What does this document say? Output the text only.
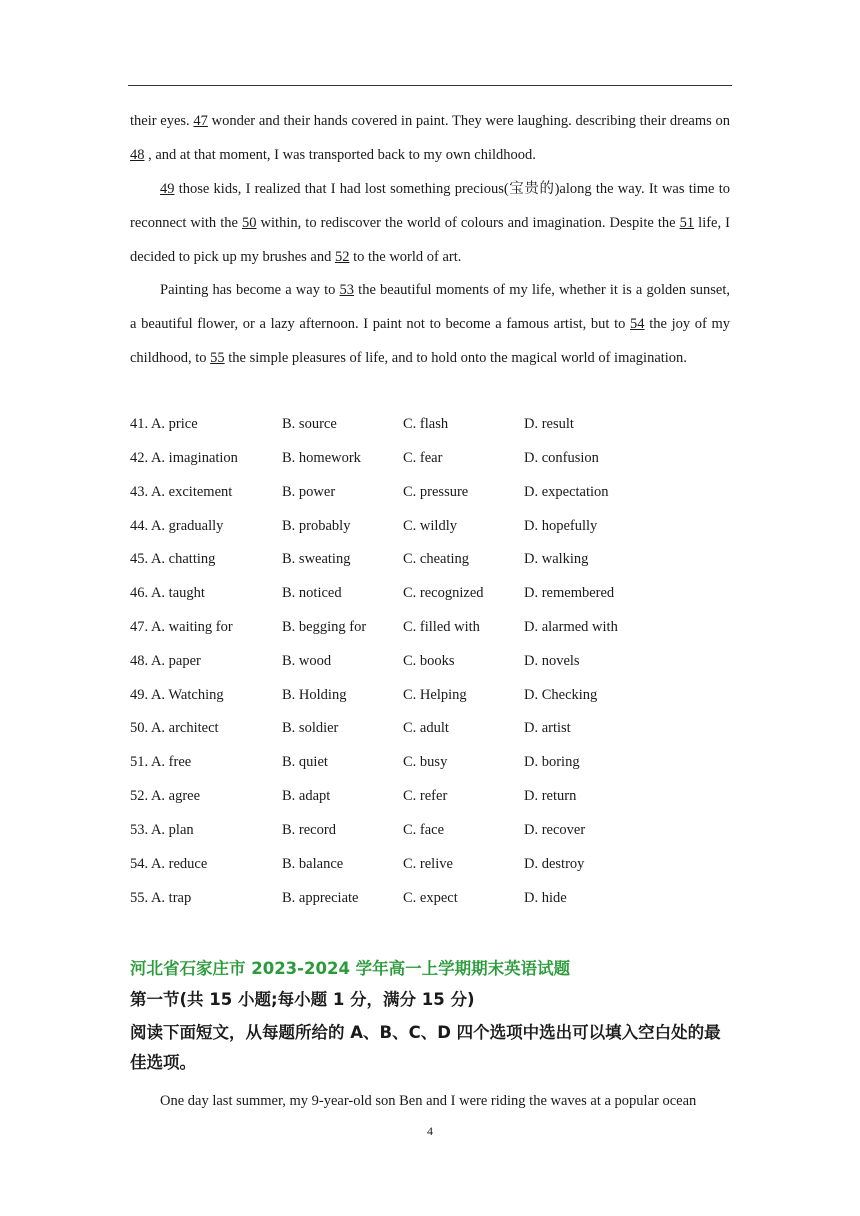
their eyes. 47 wonder and their hands covered in paint. They were laughing. describing their dreams on 48 , and at that moment, I was transported back to my own childhood.
49 those kids, I realized that I had lost something precious(宝贵的)along the way. It was time to reconnect with the 50 within, to rediscover the world of colours and imagination. Despite the 51 life, I decided to pick up my brushes and 52 to the world of art.
Painting has become a way to 53 the beautiful moments of my life, whether it is a golden sunset, a beautiful flower, or a lazy afternoon. I paint not to become a famous artist, but to 54 the joy of my childhood, to 55 the simple pleasures of life, and to hold onto the magical world of imagination.
41. A. price	B. source	C. flash	D. result
42. A. imagination	B. homework	C. fear	D. confusion
43. A. excitement	B. power	C. pressure	D. expectation
44. A. gradually	B. probably	C. wildly	D. hopefully
45. A. chatting	B. sweating	C. cheating	D. walking
46. A. taught	B. noticed	C. recognized	D. remembered
47. A. waiting for	B. begging for	C. filled with	D. alarmed with
48. A. paper	B. wood	C. books	D. novels
49. A. Watching	B. Holding	C. Helping	D. Checking
50. A. architect	B. soldier	C. adult	D. artist
51. A. free	B. quiet	C. busy	D. boring
52. A. agree	B. adapt	C. refer	D. return
53. A. plan	B. record	C. face	D. recover
54. A. reduce	B. balance	C. relive	D. destroy
55. A. trap	B. appreciate	C. expect	D. hide
河北省石家庄市 2023-2024 学年高一上学期期末英语试题
第一节(共 15 小题;每小题 1 分，满分 15 分)
阅读下面短文，从每题所给的 A、B、C、D 四个选项中选出可以填入空白处的最佳选项。
One day last summer, my 9-year-old son Ben and I were riding the waves at a popular ocean
4
